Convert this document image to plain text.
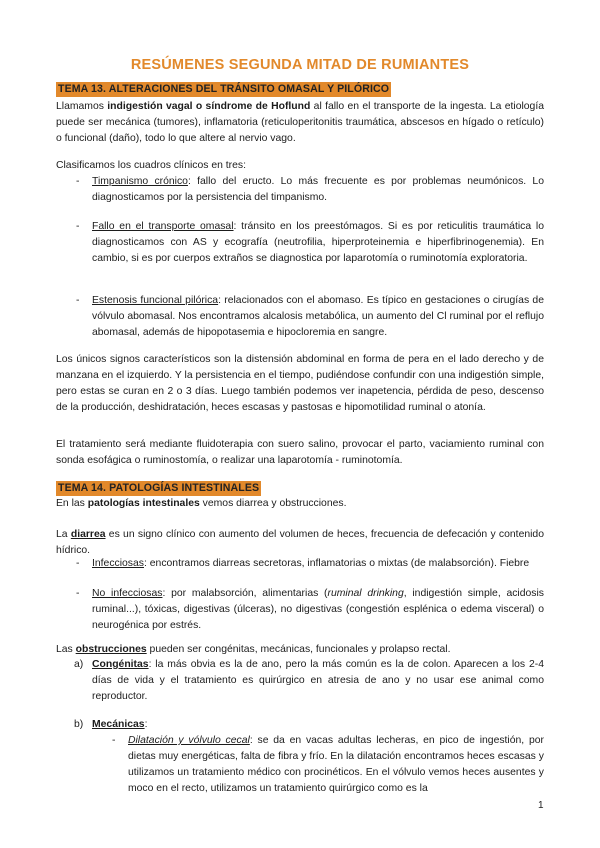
RESÚMENES SEGUNDA MITAD DE RUMIANTES
TEMA 13. ALTERACIONES DEL TRÁNSITO OMASAL Y PILÓRICO

Llamamos indigestión vagal o síndrome de Hoflund al fallo en el transporte de la ingesta. La etiología puede ser mecánica (tumores), inflamatoria (reticuloperitonitis traumática, abscesos en hígado o retículo) o funcional (daño), todo lo que altere al nervio vago.

Clasificamos los cuadros clínicos en tres:

- Timpanismo crónico: fallo del eructo. Lo más frecuente es por problemas neumónicos. Lo diagnosticamos por la persistencia del timpanismo.
- Fallo en el transporte omasal: tránsito en los preestómagos. Si es por reticulitis traumática lo diagnosticamos con AS y ecografía (neutrofilia, hiperproteinemia e hiperfibrinogenemia). En cambio, si es por cuerpos extraños se diagnostica por laparotomía o ruminotomía exploratoria.
- Estenosis funcional pilórica: relacionados con el abomaso. Es típico en gestaciones o cirugías de vólvulo abomasal. Nos encontramos alcalosis metabólica, un aumento del Cl ruminal por el reflujo abomasal, además de hipopotasemia e hipocloremia en sangre.

Los únicos signos característicos son la distensión abdominal en forma de pera en el lado derecho y de manzana en el izquierdo. Y la persistencia en el tiempo, pudiéndose confundir con una indigestión simple, pero estas se curan en 2 o 3 días. Luego también podemos ver inapetencia, pérdida de peso, descenso de la producción, deshidratación, heces escasas y pastosas e hipomotilidad ruminal o atonía.

El tratamiento será mediante fluidoterapia con suero salino, provocar el parto, vaciamiento ruminal con sonda esofágica o ruminostomía, o realizar una laparotomía - ruminotomía.

TEMA 14. PATOLOGÍAS INTESTINALES

En las patologías intestinales vemos diarrea y obstrucciones.

La diarrea es un signo clínico con aumento del volumen de heces, frecuencia de defecación y contenido hídrico.

- Infecciosas: encontramos diarreas secretoras, inflamatorias o mixtas (de malabsorción). Fiebre
- No infecciosas: por malabsorción, alimentarias (ruminal drinking, indigestión simple, acidosis ruminal...), tóxicas, digestivas (úlceras), no digestivas (congestión esplénica o edema visceral) o neurogénica por estrés.

Las obstrucciones pueden ser congénitas, mecánicas, funcionales y prolapso rectal.

a) Congénitas: la más obvia es la de ano, pero la más común es la de colon. Aparecen a los 2-4 días de vida y el tratamiento es quirúrgico en atresia de ano y no usar ese animal como reproductor.
b) Mecánicas:
- Dilatación y vólvulo cecal: se da en vacas adultas lecheras, en pico de ingestión, por dietas muy energéticas, falta de fibra y frío. En la dilatación encontramos heces escasas y utilizamos un tratamiento médico con procinéticos. En el vólvulo vemos heces ausentes y moco en el recto, utilizamos un tratamiento quirúrgico como es la
1
